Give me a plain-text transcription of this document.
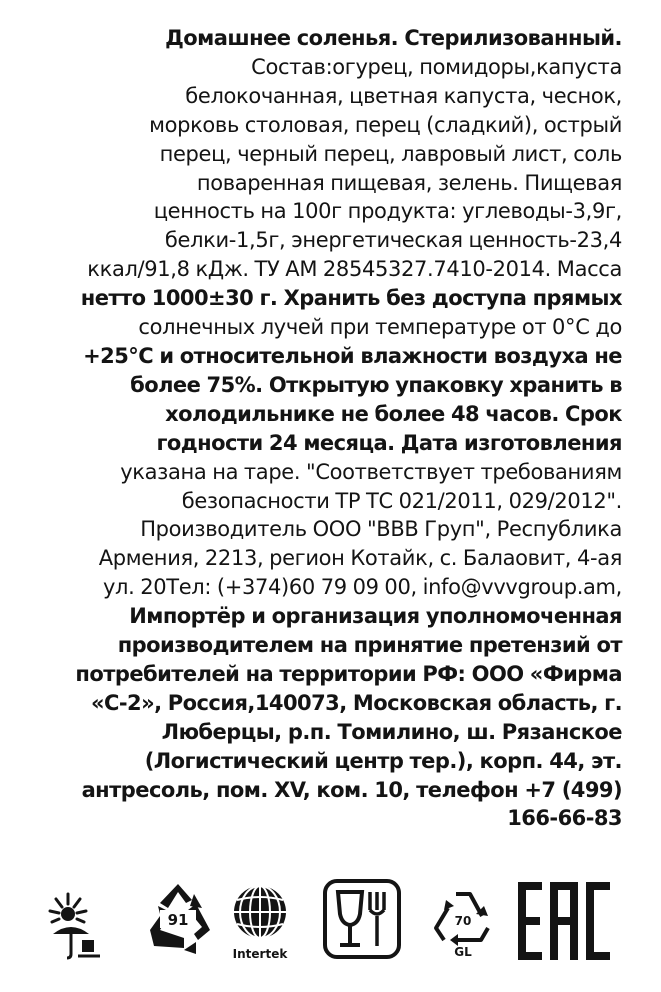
Домашнее соленья. Стерилизованный.
Состав:огурец, помидоры,капуста
белокочанная, цветная капуста, чеснок,
морковь столовая, перец (сладкий), острый
перец, черный перец, лавровый лист, соль
поваренная пищевая, зелень. Пищевая
ценность на 100г продукта: углеводы-3,9г,
белки-1,5г, энергетическая ценность-23,4
ккал/91,8 кДж. ТУ АМ 28545327.7410-2014. Масса
нетто 1000±30 г. Хранить без доступа прямых
солнечных лучей при температуре от 0°С до
+25°С и относительной влажности воздуха не
более 75%. Открытую упаковку хранить в
холодильнике не более 48 часов. Срок
годности 24 месяца. Дата изготовления
указана на таре. "Соответствует требованиям
безопасности ТР ТС 021/2011, 029/2012".
Производитель ООО "ВВВ Груп", Республика
Армения, 2213, регион Котайк, с. Балаовит, 4-ая
ул. 20Тел: (+374)60 79 09 00, info@vvvgroup.am,
Импортёр и организация уполномоченная
производителем на принятие претензий от
потребителей на территории РФ: ООО «Фирма
«С-2», Россия,140073, Московская область, г.
Люберцы, р.п. Томилино, ш. Рязанское
(Логистический центр тер.), корп. 44, эт.
антресоль, пом. XV, ком. 10, телефон +7 (499)
166-66-83
91
Intertek
70
GL
